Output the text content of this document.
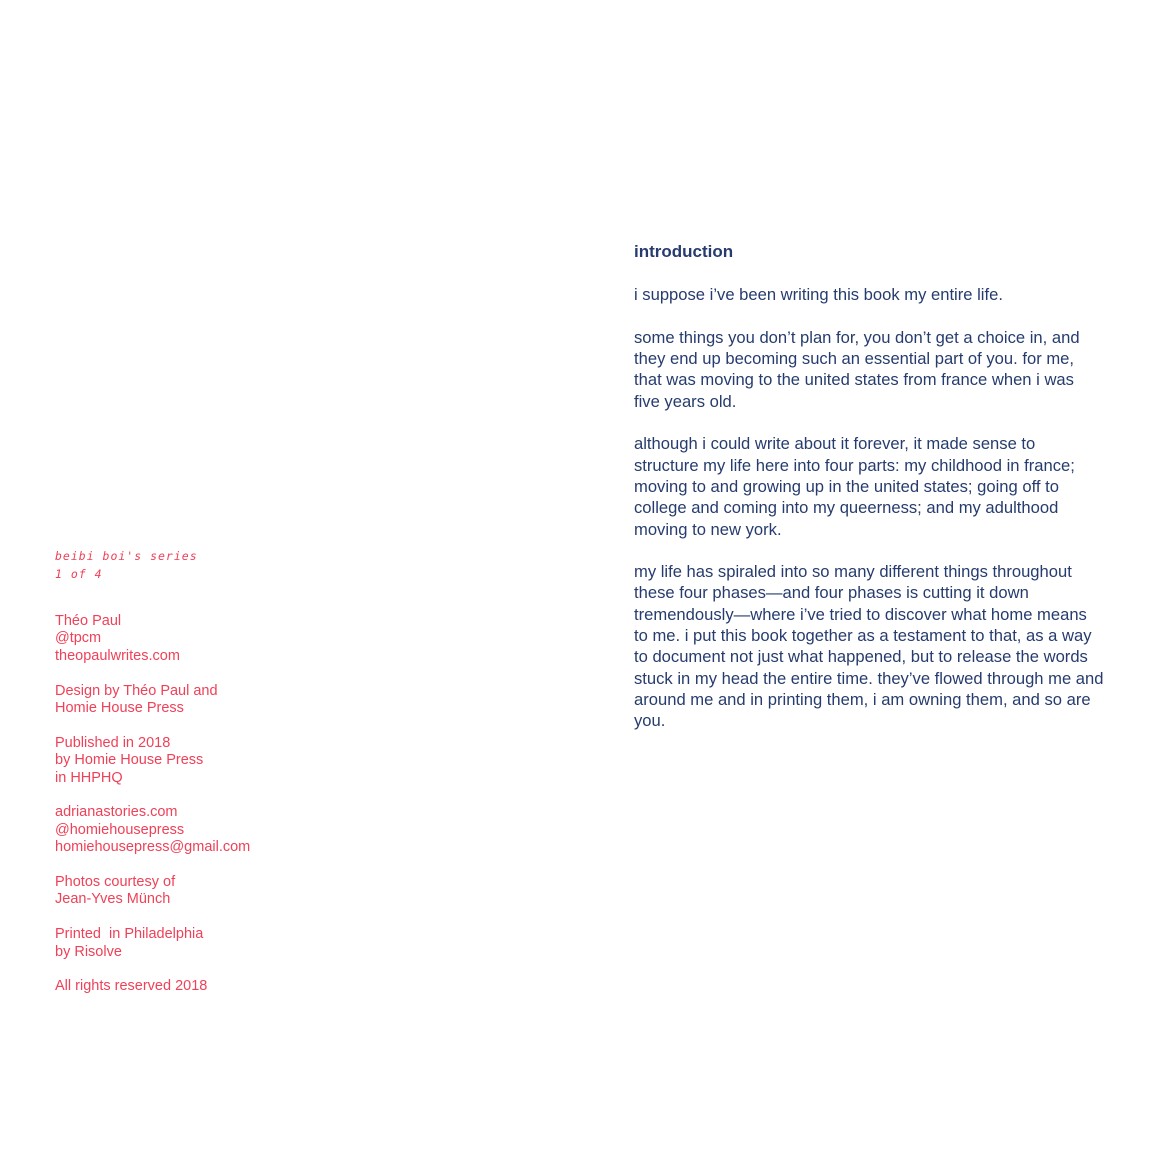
beibi boi's series
1 of 4
Théo Paul
@tpcm
theopaulwrites.com
Design by Théo Paul and
Homie House Press
Published in 2018
by Homie House Press
in HHPHQ
adrianastories.com
@homiehousepress
homiehousepress@gmail.com
Photos courtesy of
Jean-Yves Münch
Printed  in Philadelphia
by Risolve
All rights reserved 2018
introduction

i suppose i’ve been writing this book my entire life.

some things you don’t plan for, you don’t get a choice in, and they end up becoming such an essential part of you. for me, that was moving to the united states from france when i was five years old.

although i could write about it forever, it made sense to structure my life here into four parts: my childhood in france; moving to and growing up in the united states; going off to college and coming into my queerness; and my adulthood moving to new york.

my life has spiraled into so many different things throughout these four phases—and four phases is cutting it down tremendously—where i’ve tried to discover what home means to me. i put this book together as a testament to that, as a way to document not just what happened, but to release the words stuck in my head the entire time. they’ve flowed through me and around me and in printing them, i am owning them, and so are you.
